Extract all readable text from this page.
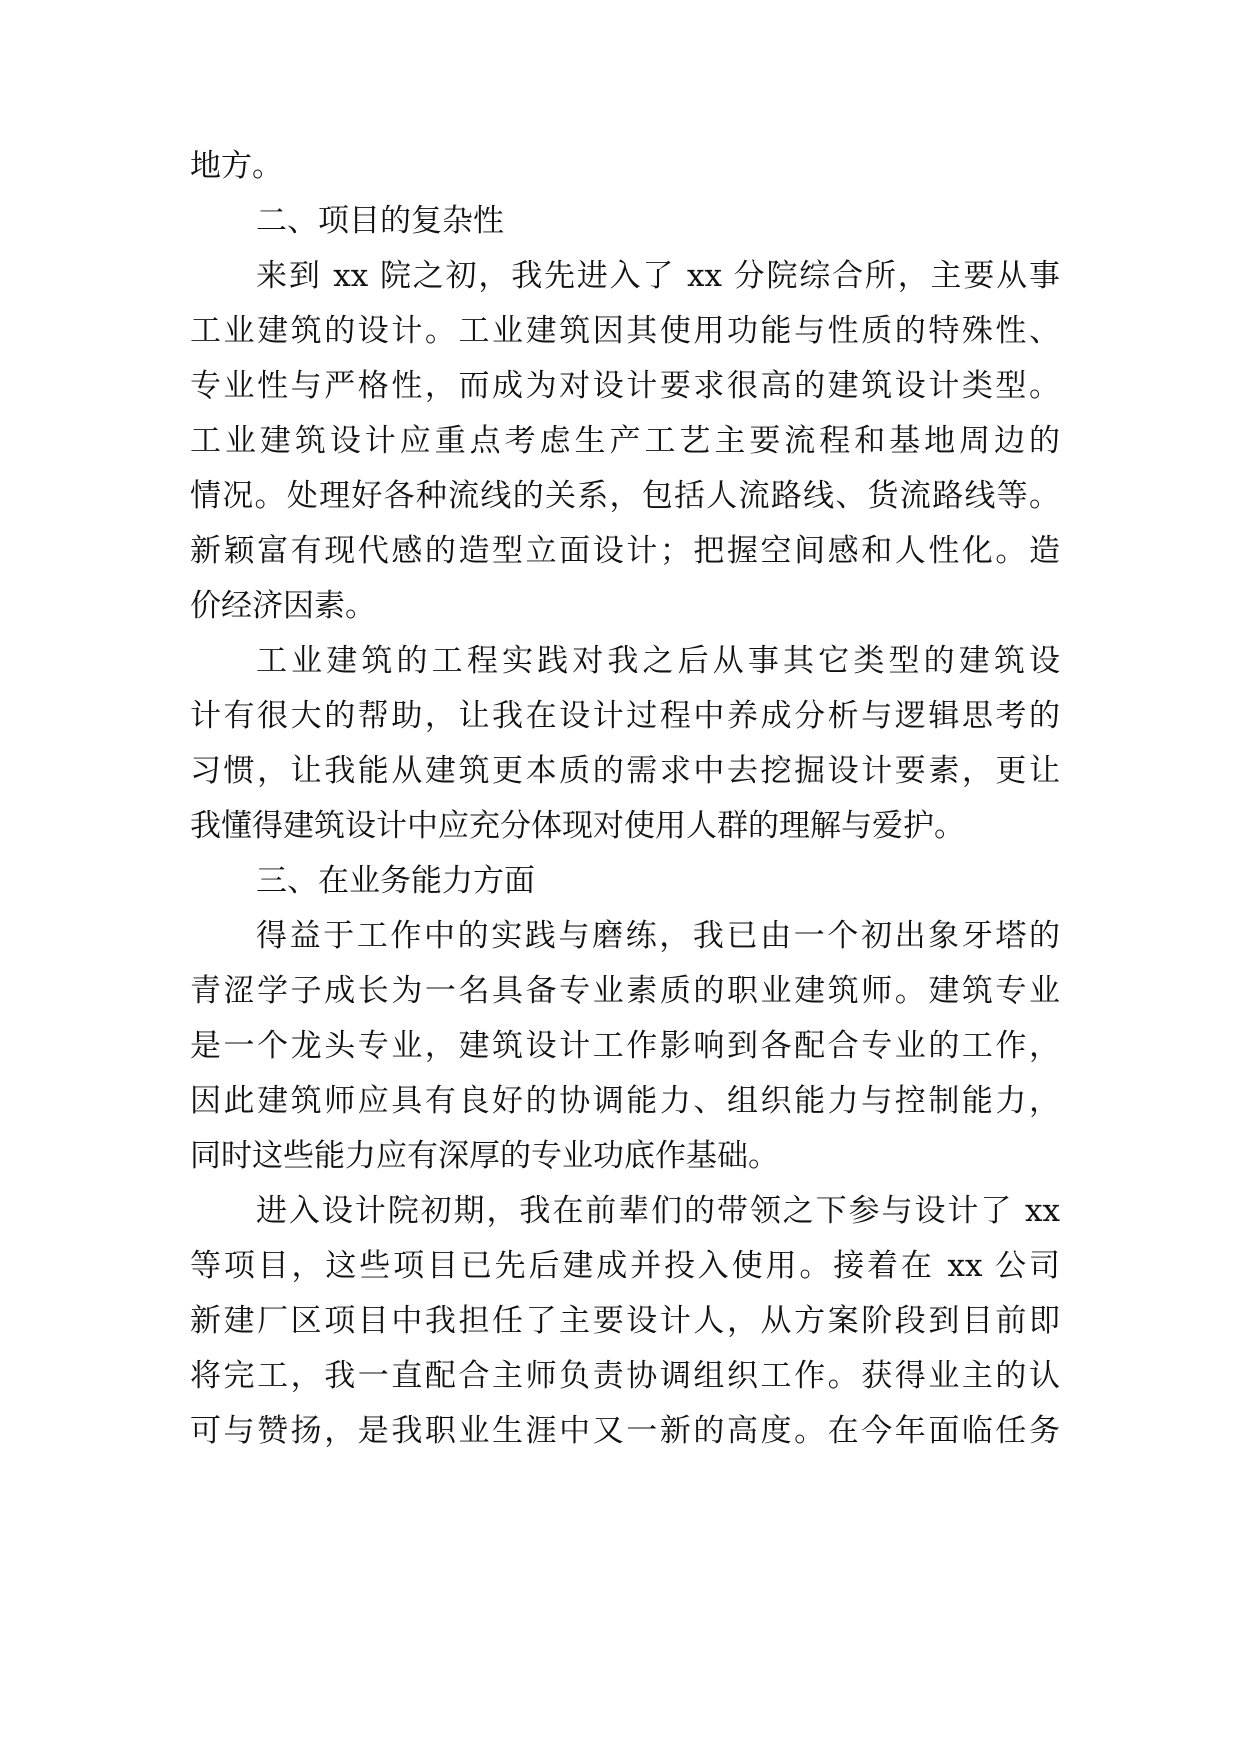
地方。
二、项目的复杂性
来到 xx 院之初，我先进入了 xx 分院综合所，主要从事
工业建筑的设计。工业建筑因其使用功能与性质的特殊性、
专业性与严格性，而成为对设计要求很高的建筑设计类型。
工业建筑设计应重点考虑生产工艺主要流程和基地周边的
情况。处理好各种流线的关系，包括人流路线、货流路线等。
新颖富有现代感的造型立面设计；把握空间感和人性化。造
价经济因素。
工业建筑的工程实践对我之后从事其它类型的建筑设
计有很大的帮助，让我在设计过程中养成分析与逻辑思考的
习惯，让我能从建筑更本质的需求中去挖掘设计要素，更让
我懂得建筑设计中应充分体现对使用人群的理解与爱护。
三、在业务能力方面
得益于工作中的实践与磨练，我已由一个初出象牙塔的
青涩学子成长为一名具备专业素质的职业建筑师。建筑专业
是一个龙头专业，建筑设计工作影响到各配合专业的工作，
因此建筑师应具有良好的协调能力、组织能力与控制能力，
同时这些能力应有深厚的专业功底作基础。
进入设计院初期，我在前辈们的带领之下参与设计了 xx
等项目，这些项目已先后建成并投入使用。接着在 xx 公司
新建厂区项目中我担任了主要设计人，从方案阶段到目前即
将完工，我一直配合主师负责协调组织工作。获得业主的认
可与赞扬，是我职业生涯中又一新的高度。在今年面临任务
